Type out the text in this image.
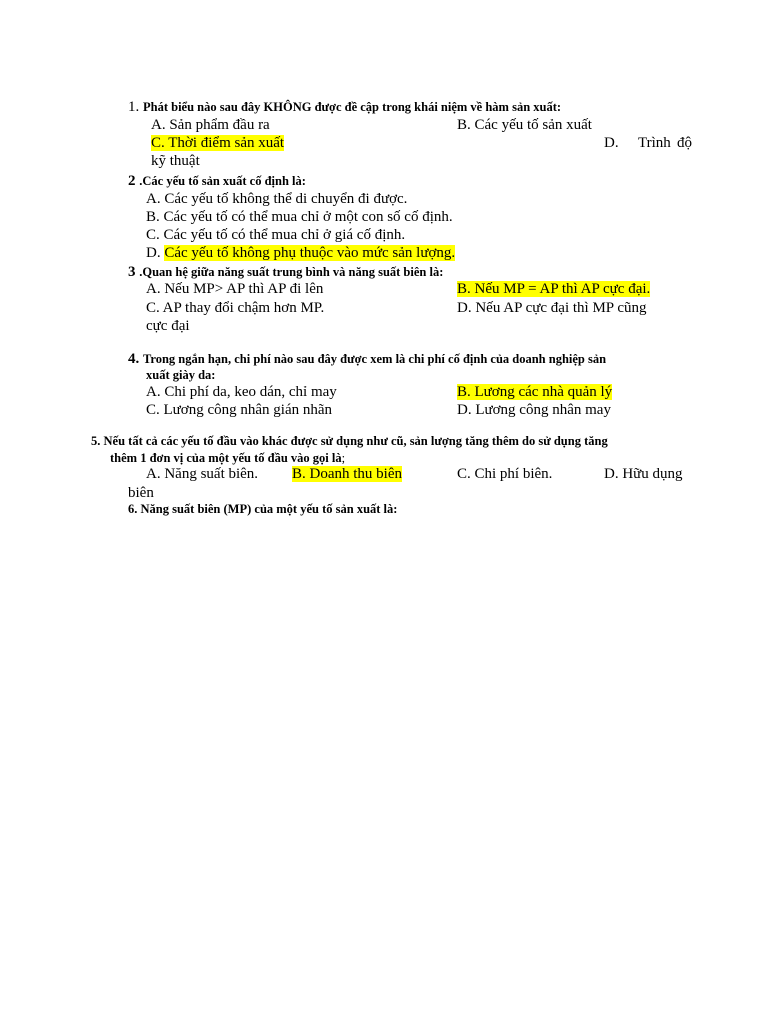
1. Phát biểu nào sau đây KHÔNG được đề cập trong khái niệm về hàm sản xuất:
A. Sản phẩm đầu ra	B. Các yếu tố sản xuất
C. Thời điểm sản xuất	D. Trình độ
kỹ thuật
2 .Các yếu tố sản xuất cố định là:
A. Các yếu tố không thể di chuyển đi được.
B. Các yếu tố có thể mua chỉ ở một con số cố định.
C. Các yếu tố có thể mua chỉ ở giá cố định.
D. Các yếu tố không phụ thuộc vào mức sản lượng.
3 .Quan hệ giữa năng suất trung bình và năng suất biên là:
A. Nếu MP> AP thì AP đi lên	B. Nếu MP = AP thì AP cực đại.
C. AP thay đổi chậm hơn MP.	D. Nếu AP cực đại thì MP cũng
cực đại
4. Trong ngắn hạn, chi phí nào sau đây được xem là chi phí cố định của doanh nghiệp sản
xuất giày da:
A. Chi phí da, keo dán, chỉ may	B. Lương các nhà quản lý
C. Lương công nhân gián nhãn	D. Lương công nhân may
5. Nếu tất cả các yếu tố đầu vào khác được sử dụng như cũ, sản lượng tăng thêm do sử dụng tăng
thêm 1 đơn vị của một yếu tố đầu vào gọi là;
A. Năng suất biên. B. Doanh thu biên	C. Chi phí biên.	D. Hữu dụng
biên
6. Năng suất biên (MP) của một yếu tố sản xuất là:
